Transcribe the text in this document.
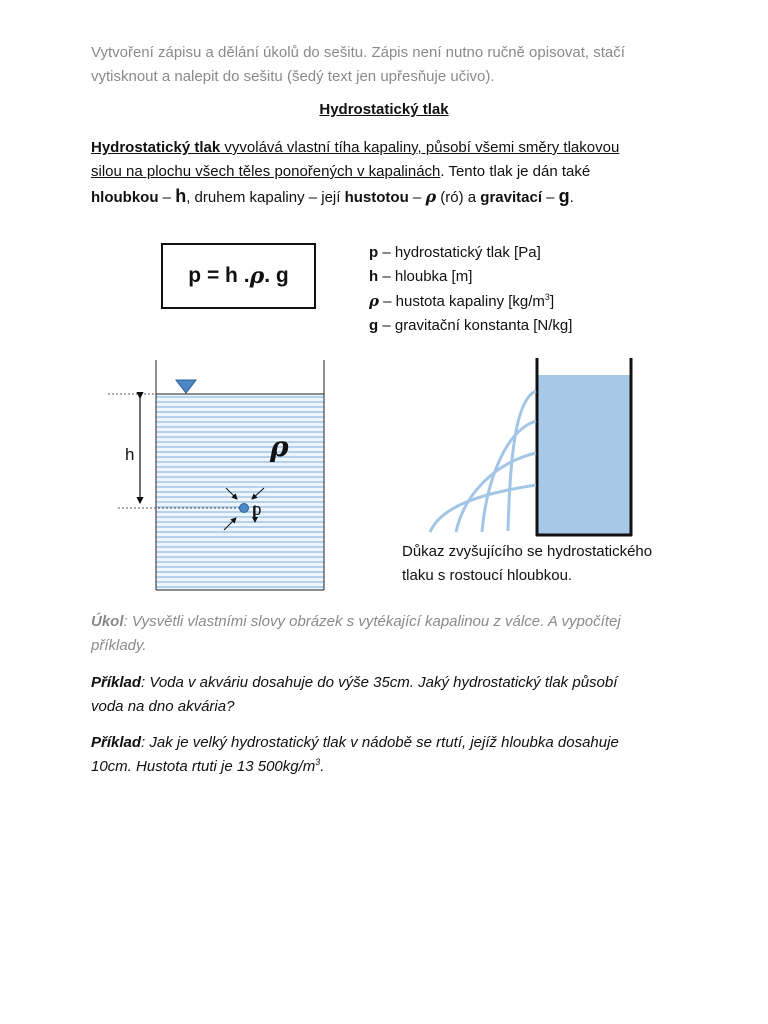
Vytvoření zápisu a dělání úkolů do sešitu. Zápis není nutno ručně opisovat, stačí
vytisknout a nalepit do sešitu (šedý text jen upřesňuje učivo).

Hydrostatický tlak

Hydrostatický tlak vyvolává vlastní tíha kapaliny, působí všemi směry tlakovou
silou na plochu všech těles ponořených v kapalinách. Tento tlak je dán také
hloubkou – h, druhem kapaliny – její hustotou – ρ (ró) a gravitací – g.

p = h . ρ . g
p – hydrostatický tlak [Pa]
h – hloubka [m]
ρ – hustota kapaliny $[kg/m^3]$
g – gravitační konstanta [N/kg]
h	ρ
p
Důkaz zvyšujícího se hydrostatického
tlaku s rostoucí hloubkou.

Úkol: Vysvětli vlastními slovy obrázek s vytékající kapalinou z válce. A vypočítej
příklady.

Příklad: Voda v akváriu dosahuje do výše 35cm. Jaký hydrostatický tlak působí
voda na dno akvária?

Příklad: Jak je velký hydrostatický tlak v nádobě se rtutí, jejíž hloubka dosahuje
10cm. Hustota rtuti je 13 $500kg/m^3$.
